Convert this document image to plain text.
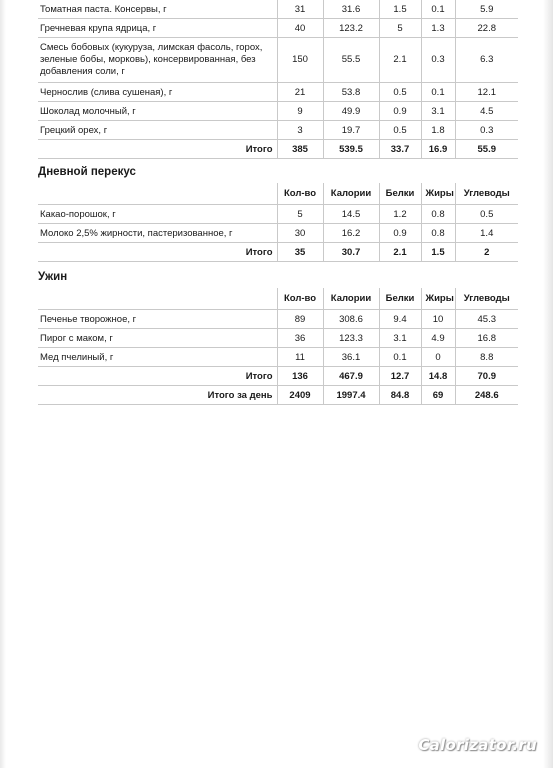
Томатная паста. Консервы, г	31	31.6	1.5	0.1	5.9
Гречневая крупа ядрица, г	40	123.2	5	1.3	22.8
Смесь бобовых (кукуруза, лимская фасоль, горох, зеленые бобы, морковь), консервированная, без добавления соли, г	150	55.5	2.1	0.3	6.3
Чернослив (слива сушеная), г	21	53.8	0.5	0.1	12.1
Шоколад молочный, г	9	49.9	0.9	3.1	4.5
Грецкий орех, г	3	19.7	0.5	1.8	0.3
Итого	385	539.5	33.7	16.9	55.9
Дневной перекус
	Кол-во	Калории	Белки	Жиры	Углеводы
Какао-порошок, г	5	14.5	1.2	0.8	0.5
Молоко 2,5% жирности, пастеризованное, г	30	16.2	0.9	0.8	1.4
Итого	35	30.7	2.1	1.5	2
Ужин
	Кол-во	Калории	Белки	Жиры	Углеводы
Печенье творожное, г	89	308.6	9.4	10	45.3
Пирог с маком, г	36	123.3	3.1	4.9	16.8
Мед пчелиный, г	11	36.1	0.1	0	8.8
Итого	136	467.9	12.7	14.8	70.9
Итого за день	2409	1997.4	84.8	69	248.6
Calorizator.ru
